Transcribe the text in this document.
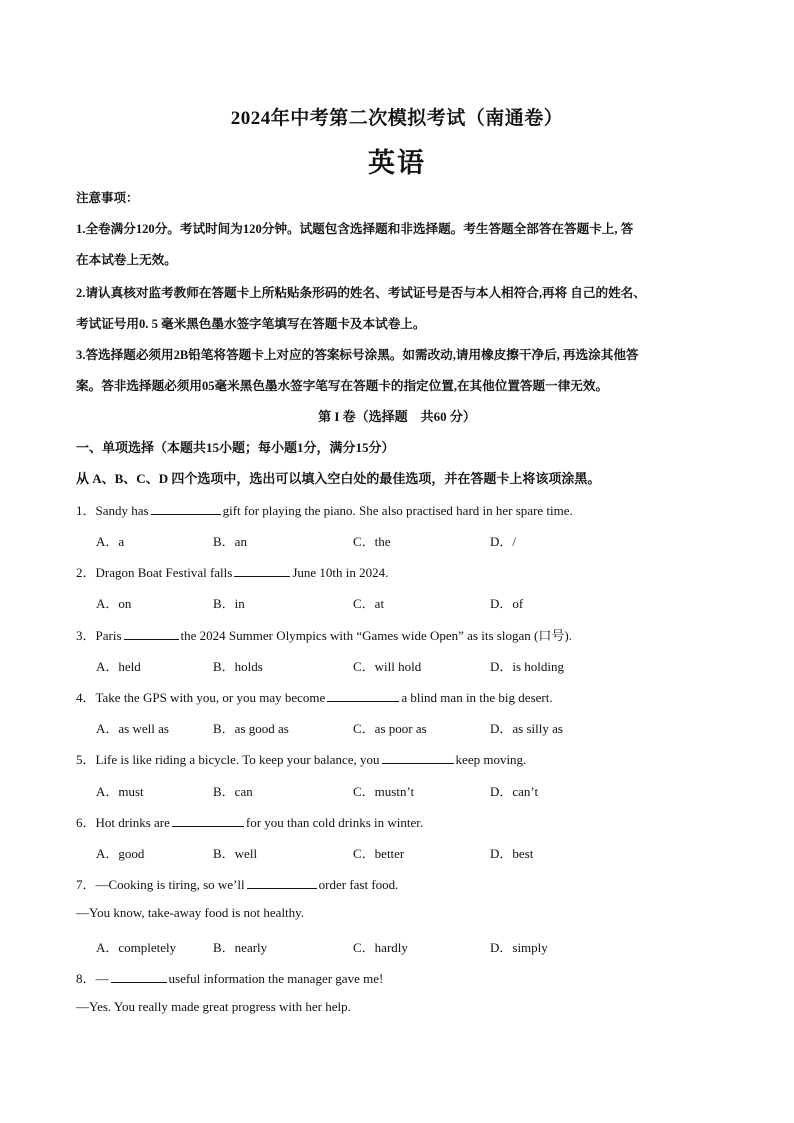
2024年中考第二次模拟考试（南通卷）
英语
注意事项：
1.全卷满分120分。考试时间为120分钟。试题包含选择题和非选择题。考生答题全部答在答题卡上, 答
在本试卷上无效。
2.请认真核对监考教师在答题卡上所粘贴条形码的姓名、考试证号是否与本人相符合,再将 自己的姓名、
考试证号用0. 5 毫米黑色墨水签字笔填写在答题卡及本试卷上。
3.答选择题必须用2B铅笔将答题卡上对应的答案标号涂黑。如需改动,请用橡皮擦干净后, 再选涂其他答
案。答非选择题必须用05毫米黑色墨水签字笔写在答题卡的指定位置,在其他位置答题一律无效。
第 I 卷（选择题　共60 分）
一、单项选择（本题共15小题；每小题1分，满分15分）
从 A、B、C、D 四个选项中，选出可以填入空白处的最佳选项，并在答题卡上将该项涂黑。
1．Sandy has	gift for playing the piano. She also practised hard in her spare time.
A．a	B．an	C．the	D．/
2．Dragon Boat Festival falls	June 10th in 2024.
A．on	B．in	C．at	D．of
3．Paris	the 2024 Summer Olympics with “Games wide Open” as its slogan (口号).
A．held	B．holds	C．will hold	D．is holding
4．Take the GPS with you, or you may become	a blind man in the big desert.
A．as well as	B．as good as	C．as poor as	D．as silly as
5．Life is like riding a bicycle. To keep your balance, you	keep moving.
A．must	B．can	C．mustn’t	D．can’t
6．Hot drinks are	for you than cold drinks in winter.
A．good	B．well	C．better	D．best
7．—Cooking is tiring, so we’ll	order fast food.
—You know, take-away food is not healthy.
A．completely	B．nearly	C．hardly	D．simply
8．—	useful information the manager gave me!
—Yes. You really made great progress with her help.
